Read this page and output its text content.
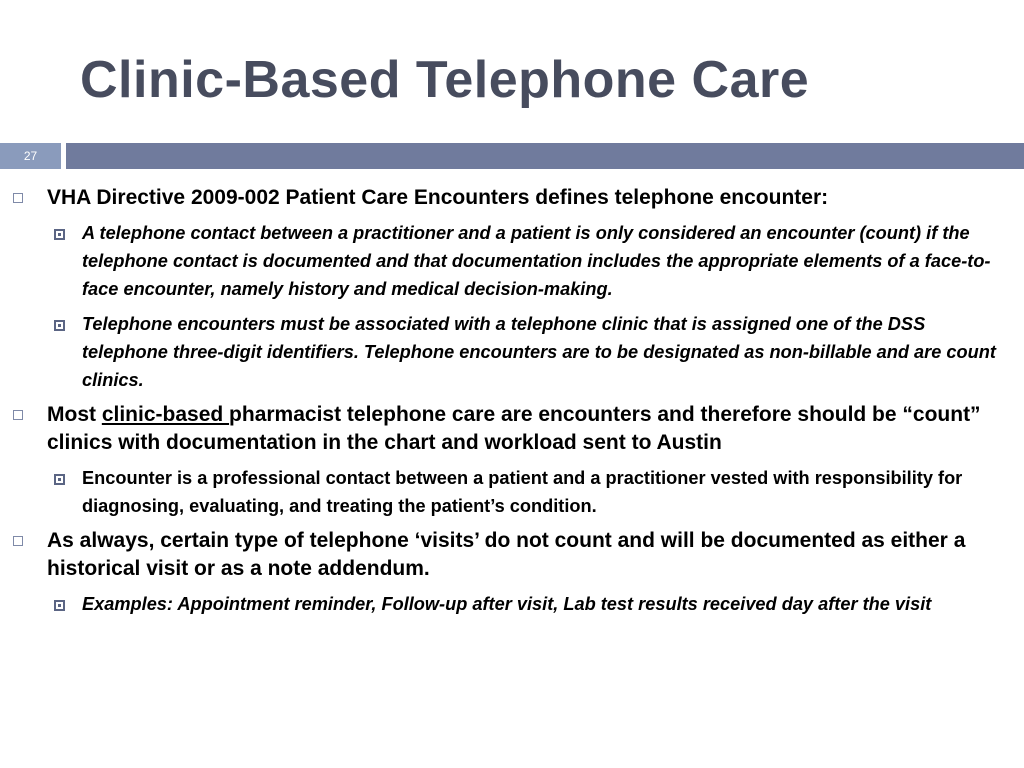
Clinic-Based Telephone Care
27
VHA Directive 2009-002 Patient Care Encounters defines telephone encounter:
A telephone contact between a practitioner and a patient is only considered an encounter (count) if the telephone contact is documented and that documentation includes the appropriate elements of a face-to-face encounter, namely history and medical decision-making.
Telephone encounters must be associated with a telephone clinic that is assigned one of the DSS telephone three-digit identifiers. Telephone encounters are to be designated as non-billable and are count clinics.
Most clinic-based pharmacist telephone care are encounters and therefore should be “count” clinics with documentation in the chart and workload sent to Austin
Encounter is a professional contact between a patient and a practitioner vested with responsibility for diagnosing, evaluating, and treating the patient’s condition.
As always, certain type of telephone ‘visits’ do not count and will be documented as either a historical visit or as a note addendum.
Examples: Appointment reminder, Follow-up after visit, Lab test results received day after the visit
